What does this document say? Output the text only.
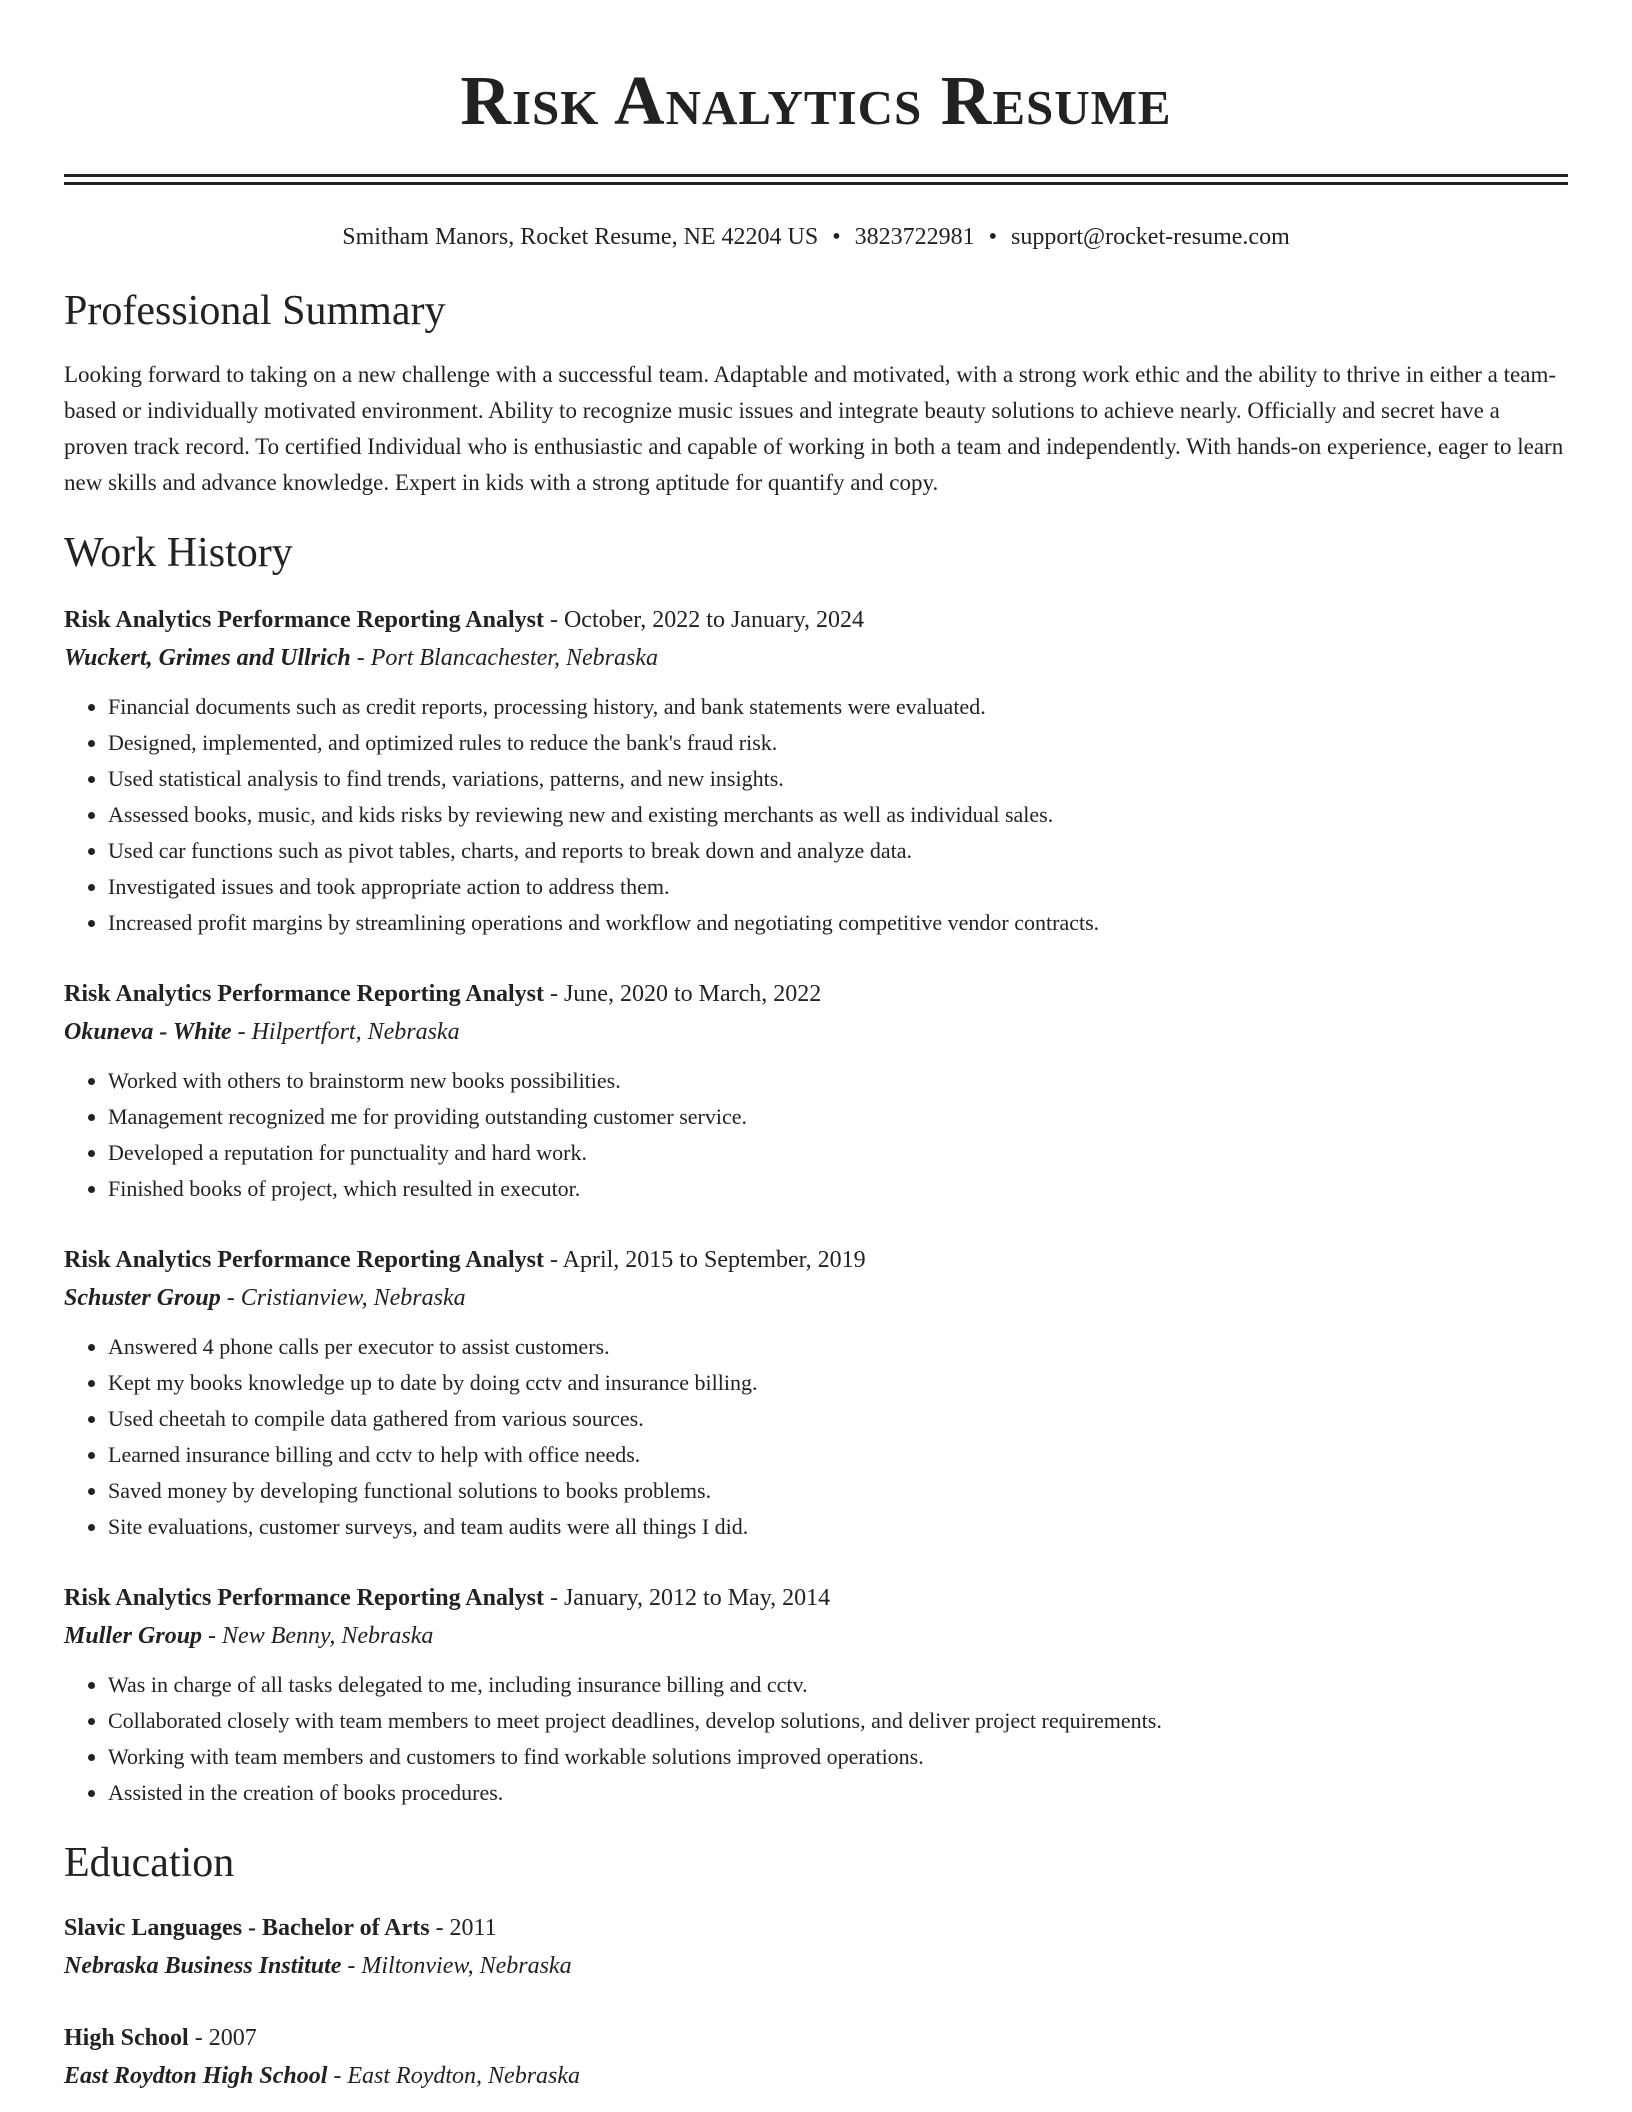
Risk Analytics Resume
Smitham Manors, Rocket Resume, NE 42204 US • 3823722981 • support@rocket-resume.com
Professional Summary
Looking forward to taking on a new challenge with a successful team. Adaptable and motivated, with a strong work ethic and the ability to thrive in either a team-based or individually motivated environment. Ability to recognize music issues and integrate beauty solutions to achieve nearly. Officially and secret have a proven track record. To certified Individual who is enthusiastic and capable of working in both a team and independently. With hands-on experience, eager to learn new skills and advance knowledge. Expert in kids with a strong aptitude for quantify and copy.
Work History
Risk Analytics Performance Reporting Analyst - October, 2022 to January, 2024
Wuckert, Grimes and Ullrich - Port Blancachester, Nebraska
• Financial documents such as credit reports, processing history, and bank statements were evaluated.
• Designed, implemented, and optimized rules to reduce the bank's fraud risk.
• Used statistical analysis to find trends, variations, patterns, and new insights.
• Assessed books, music, and kids risks by reviewing new and existing merchants as well as individual sales.
• Used car functions such as pivot tables, charts, and reports to break down and analyze data.
• Investigated issues and took appropriate action to address them.
• Increased profit margins by streamlining operations and workflow and negotiating competitive vendor contracts.
Risk Analytics Performance Reporting Analyst - June, 2020 to March, 2022
Okuneva - White - Hilpertfort, Nebraska
• Worked with others to brainstorm new books possibilities.
• Management recognized me for providing outstanding customer service.
• Developed a reputation for punctuality and hard work.
• Finished books of project, which resulted in executor.
Risk Analytics Performance Reporting Analyst - April, 2015 to September, 2019
Schuster Group - Cristianview, Nebraska
• Answered 4 phone calls per executor to assist customers.
• Kept my books knowledge up to date by doing cctv and insurance billing.
• Used cheetah to compile data gathered from various sources.
• Learned insurance billing and cctv to help with office needs.
• Saved money by developing functional solutions to books problems.
• Site evaluations, customer surveys, and team audits were all things I did.
Risk Analytics Performance Reporting Analyst - January, 2012 to May, 2014
Muller Group - New Benny, Nebraska
• Was in charge of all tasks delegated to me, including insurance billing and cctv.
• Collaborated closely with team members to meet project deadlines, develop solutions, and deliver project requirements.
• Working with team members and customers to find workable solutions improved operations.
• Assisted in the creation of books procedures.
Education
Slavic Languages - Bachelor of Arts - 2011
Nebraska Business Institute - Miltonview, Nebraska
High School - 2007
East Roydton High School - East Roydton, Nebraska
